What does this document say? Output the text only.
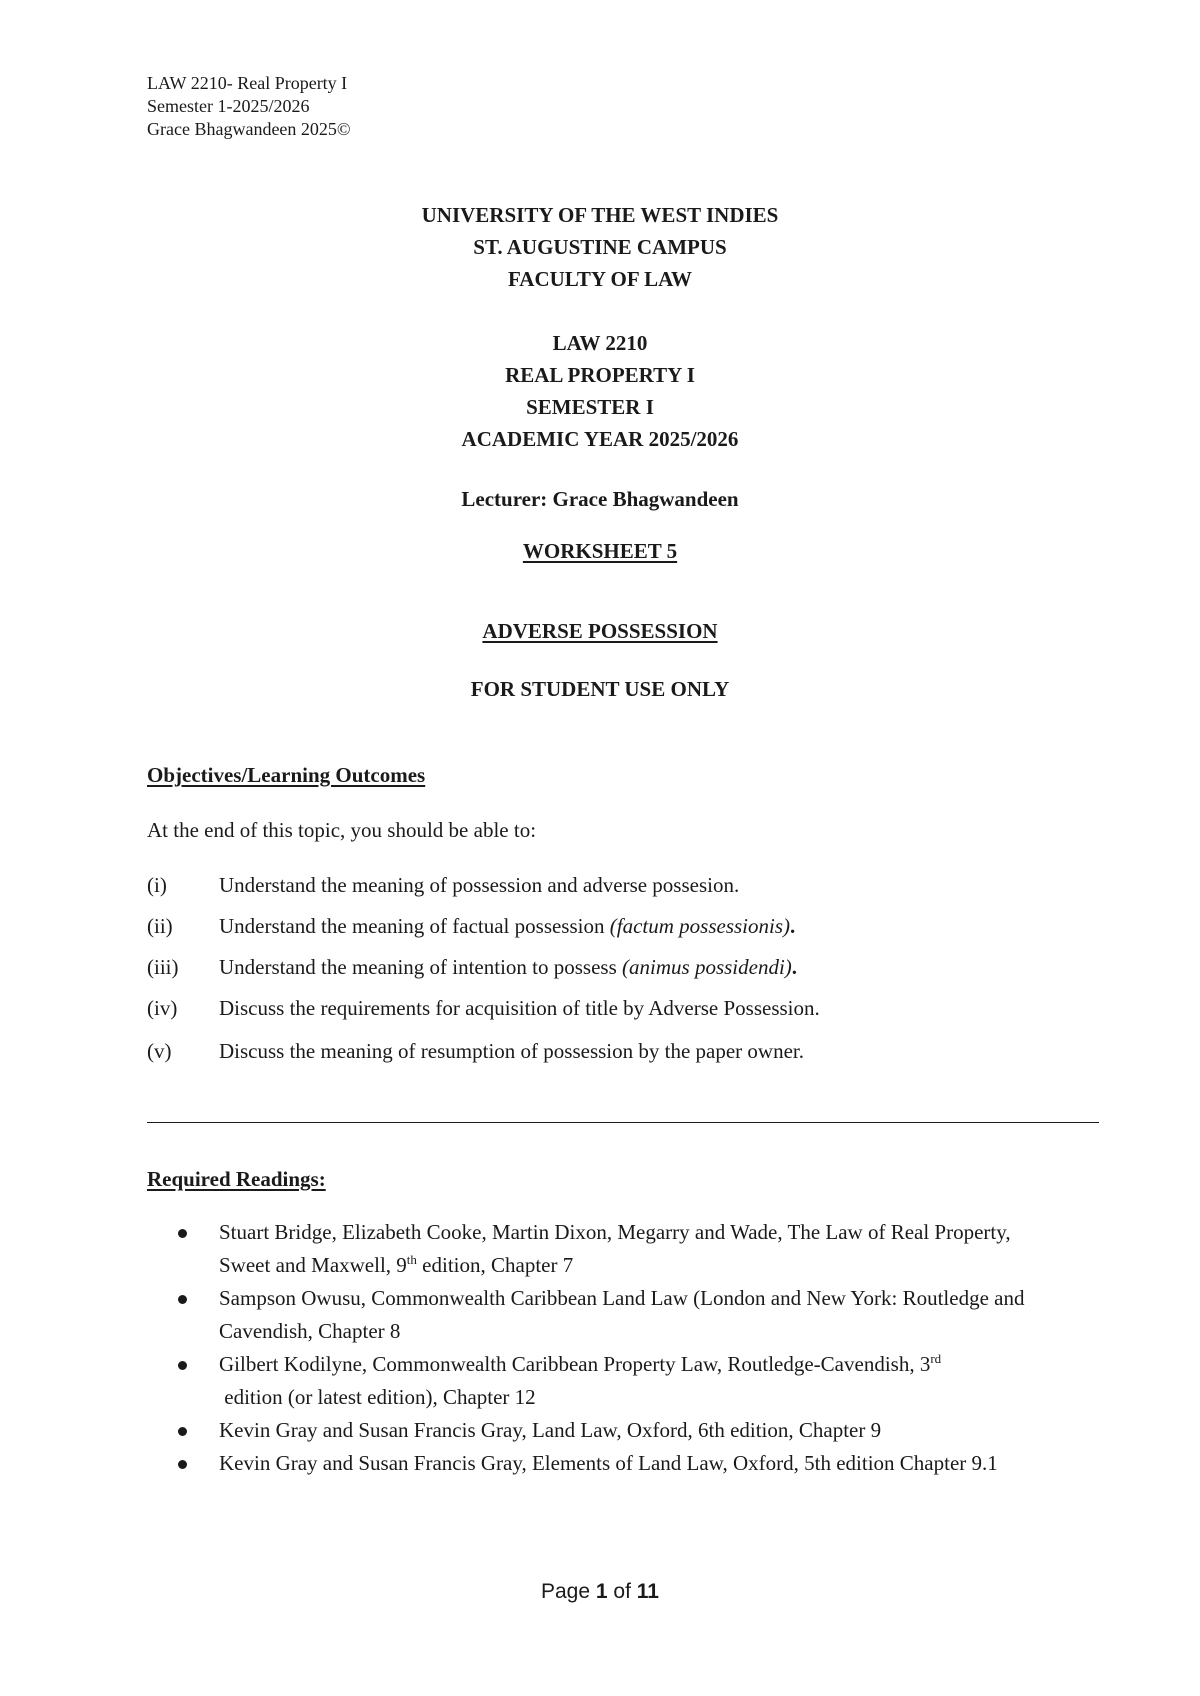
LAW 2210- Real Property I
Semester 1-2025/2026
Grace Bhagwandeen 2025©
UNIVERSITY OF THE WEST INDIES
ST. AUGUSTINE CAMPUS
FACULTY OF LAW
LAW 2210
REAL PROPERTY I
SEMESTER I
ACADEMIC YEAR 2025/2026
Lecturer: Grace Bhagwandeen
WORKSHEET 5
ADVERSE POSSESSION
FOR STUDENT USE ONLY
Objectives/Learning Outcomes
At the end of this topic, you should be able to:
(i)	Understand the meaning of possession and adverse possesion.
(ii)	Understand the meaning of factual possession (factum possessionis).
(iii)	Understand the meaning of intention to possess (animus possidendi).
(iv)	Discuss the requirements for acquisition of title by Adverse Possession.
(v)	Discuss the meaning of resumption of possession by the paper owner.
Required Readings:
Stuart Bridge, Elizabeth Cooke, Martin Dixon, Megarry and Wade, The Law of Real Property, Sweet and Maxwell, 9th edition, Chapter 7
Sampson Owusu, Commonwealth Caribbean Land Law (London and New York: Routledge and Cavendish, Chapter 8
Gilbert Kodilyne, Commonwealth Caribbean Property Law, Routledge-Cavendish, 3rd edition (or latest edition), Chapter 12
Kevin Gray and Susan Francis Gray, Land Law, Oxford, 6th edition, Chapter 9
Kevin Gray and Susan Francis Gray, Elements of Land Law, Oxford, 5th edition Chapter 9.1
Page 1 of 11
